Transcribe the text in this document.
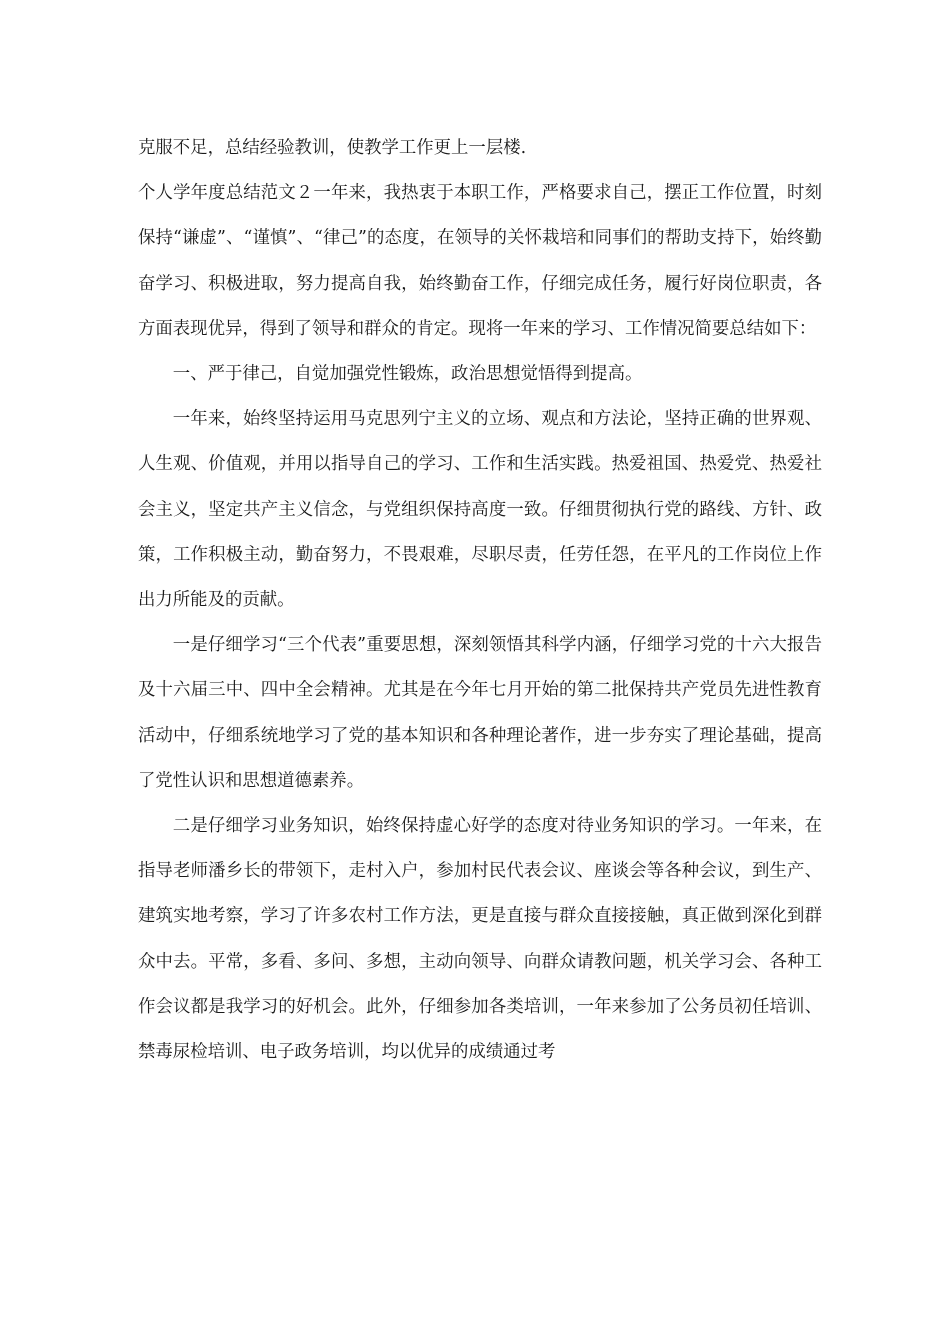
克服不足，总结经验教训，使教学工作更上一层楼.

个人学年度总结范文２一年来，我热衷于本职工作，严格要求自己，摆正工作位置，时刻保持“谦虚”、“谨慎”、“律己”的态度，在领导的关怀栽培和同事们的帮助支持下，始终勤奋学习、积极进取，努力提高自我，始终勤奋工作，仔细完成任务，履行好岗位职责，各方面表现优异，得到了领导和群众的肯定。现将一年来的学习、工作情况简要总结如下：

一、严于律己，自觉加强党性锻炼，政治思想觉悟得到提高。

一年来，始终坚持运用马克思列宁主义的立场、观点和方法论，坚持正确的世界观、人生观、价值观，并用以指导自己的学习、工作和生活实践。热爱祖国、热爱党、热爱社会主义，坚定共产主义信念，与党组织保持高度一致。仔细贯彻执行党的路线、方针、政策，工作积极主动，勤奋努力，不畏艰难，尽职尽责，任劳任怨，在平凡的工作岗位上作出力所能及的贡献。

一是仔细学习“三个代表”重要思想，深刻领悟其科学内涵，仔细学习党的十六大报告及十六届三中、四中全会精神。尤其是在今年七月开始的第二批保持共产党员先进性教育活动中，仔细系统地学习了党的基本知识和各种理论著作，进一步夯实了理论基础，提高了党性认识和思想道德素养。

二是仔细学习业务知识，始终保持虚心好学的态度对待业务知识的学习。一年来，在指导老师潘乡长的带领下，走村入户，参加村民代表会议、座谈会等各种会议，到生产、建筑实地考察，学习了许多农村工作方法，更是直接与群众直接接触，真正做到深化到群众中去。平常，多看、多问、多想，主动向领导、向群众请教问题，机关学习会、各种工作会议都是我学习的好机会。此外，仔细参加各类培训，一年来参加了公务员初任培训、禁毒尿检培训、电子政务培训，均以优异的成绩通过考
